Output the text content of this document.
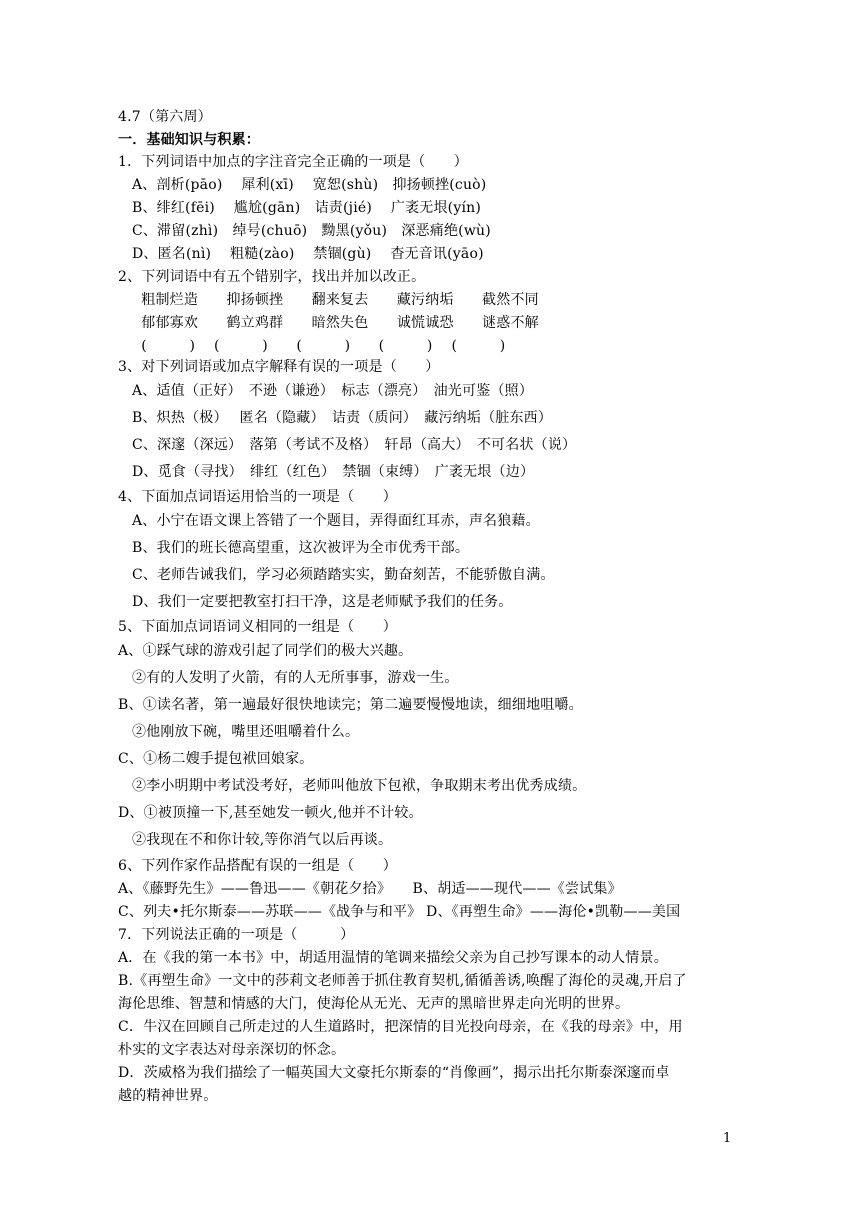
4.7（第六周）
一．基础知识与积累：
1．下列词语中加点的字注音完全正确的一项是（　　）
A、剖析(pāo)　 犀利(xī)　 宽恕(shù)　抑扬顿挫(cuò)
B、绯红(fēi)　 尴尬(gān)　诘责(jié)　 广袤无垠(yín)
C、滞留(zhì)　绰号(chuō)　黝黑(yǒu)　深恶痛绝(wù)
D、匿名(nì)　 粗糙(zào)　 禁锢(gù)　 杳无音讯(yāo)
2、下列词语中有五个错别字，找出并加以改正。
粗制烂造　　抑扬顿挫　　翻来复去　　藏污纳垢　　截然不同
郁郁寡欢　　鹤立鸡群　　暗然失色　　诚慌诚恐　　谜惑不解
(　　　)　 (　　　)　　(　　　)　　(　　　)　 (　　　)
3、对下列词语或加点字解释有误的一项是（　　）
A、适值（正好）　不逊（谦逊）　标志（漂亮）　油光可鉴（照）
B、炽热（极）　 匿名（隐藏）　诘责（质问）　藏污纳垢（脏东西）
C、深邃（深远）　落第（考试不及格）　轩昂（高大）　不可名状（说）
D、觅食（寻找）　绯红（红色）　禁锢（束缚）　广袤无垠（边）
4、下面加点词语运用恰当的一项是（　　）
A、小宁在语文课上答错了一个题目，弄得面红耳赤，声名狼藉。
B、我们的班长德高望重，这次被评为全市优秀干部。
C、老师告诫我们，学习必须踏踏实实，勤奋刻苦，不能骄傲自满。
D、我们一定要把教室打扫干净，这是老师赋予我们的任务。
5、下面加点词语词义相同的一组是（　　）
A、①踩气球的游戏引起了同学们的极大兴趣。
②有的人发明了火箭，有的人无所事事，游戏一生。
B、①读名著，第一遍最好很快地读完；第二遍要慢慢地读，细细地咀嚼。
②他刚放下碗，嘴里还咀嚼着什么。
C、①杨二嫂手提包袱回娘家。
②李小明期中考试没考好，老师叫他放下包袱，争取期末考出优秀成绩。
D、①被顶撞一下,甚至她发一顿火,他并不计较。
②我现在不和你计较,等你消气以后再谈。
6、下列作家作品搭配有误的一组是（　　）
A、《藤野先生》——鲁迅——《朝花夕拾》　　B、胡适——现代——《尝试集》
C、列夫•托尔斯泰——苏联——《战争与和平》 D、《再塑生命》——海伦•凯勒——美国
7．下列说法正确的一项是（　　　）
A．在《我的第一本书》中，胡适用温情的笔调来描绘父亲为自己抄写课本的动人情景。
B.《再塑生命》一文中的莎莉文老师善于抓住教育契机,循循善诱,唤醒了海伦的灵魂,开启了
海伦思维、智慧和情感的大门，使海伦从无光、无声的黑暗世界走向光明的世界。
C．牛汉在回顾自己所走过的人生道路时，把深情的目光投向母亲，在《我的母亲》中，用
朴实的文字表达对母亲深切的怀念。
D．茨威格为我们描绘了一幅英国大文豪托尔斯泰的“肖像画”，揭示出托尔斯泰深邃而卓
越的精神世界。
1
